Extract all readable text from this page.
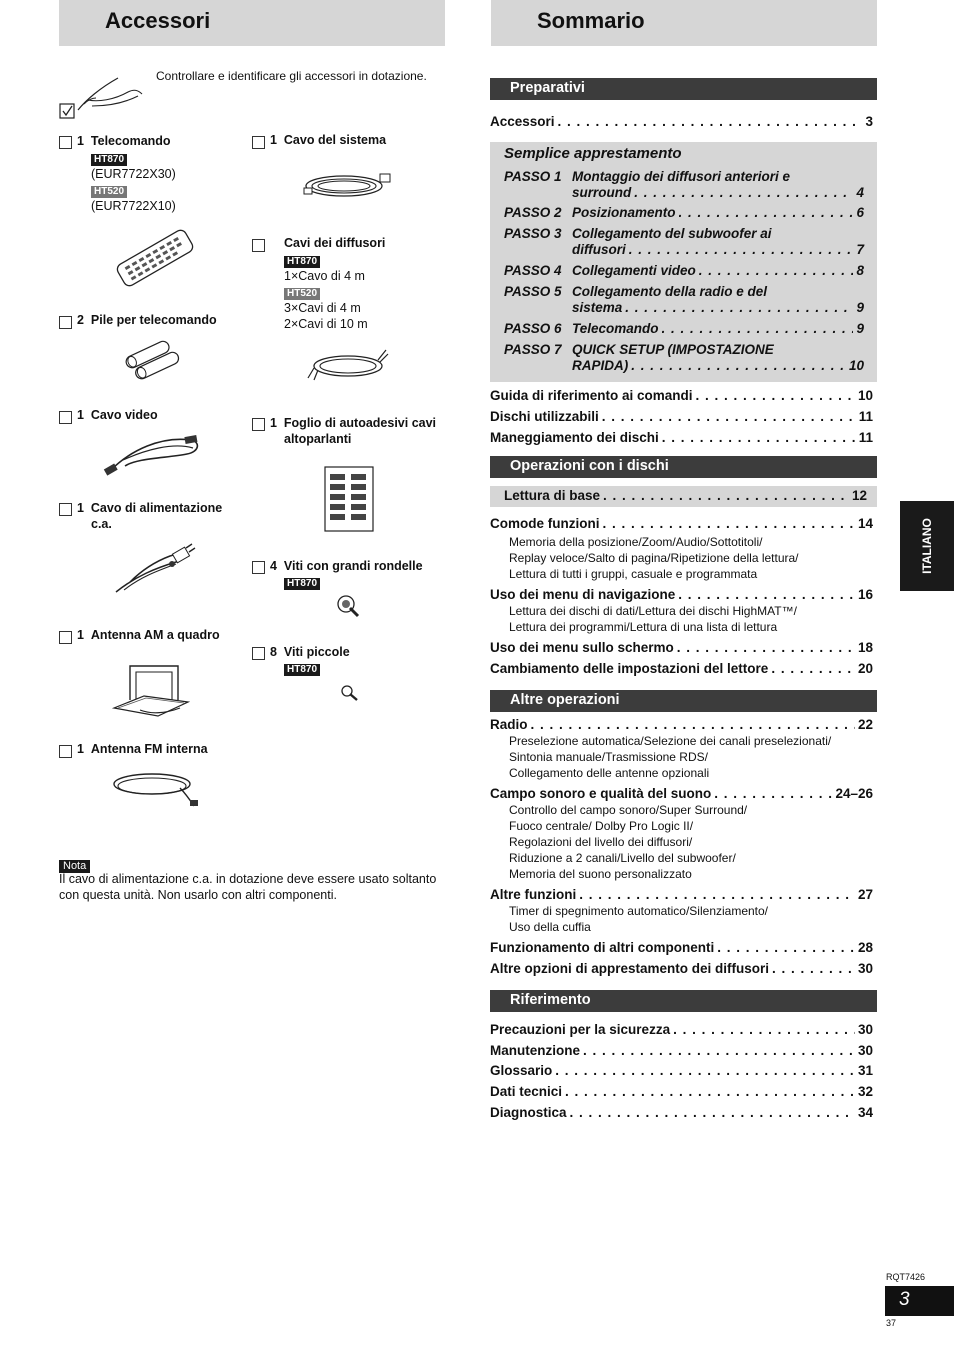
Accessori
Controllare e identificare gli accessori in dotazione.
1 Telecomando
HT870
(EUR7722X30)
HT520
(EUR7722X10)
2 Pile per telecomando
1 Cavo video
1 Cavo di alimentazione
c.a.
1 Antenna AM a quadro
1 Antenna FM interna
1 Cavo del sistema
Cavi dei diffusori
HT870
1×Cavo di 4 m
HT520
3×Cavi di 4 m
2×Cavi di 10 m
1 Foglio di autoadesivi cavi
altoparlanti
4 Viti con grandi rondelle
HT870
8 Viti piccole
HT870
Nota
Il cavo di alimentazione c.a. in dotazione deve essere usato soltanto
con questa unità. Non usarlo con altri componenti.
Sommario
Preparativi
Accessori . . .	3
Semplice apprestamento
PASSO 1 Montaggio dei diffusori anteriori e
surround . . .	4
PASSO 2 Posizionamento . . .	6
PASSO 3 Collegamento del subwoofer ai
diffusori . . .	7
PASSO 4 Collegamenti video . . .	8
PASSO 5 Collegamento della radio e del
sistema . . .	9
PASSO 6 Telecomando . . .	9
PASSO 7 QUICK SETUP (IMPOSTAZIONE
RAPIDA) . . .	10
Guida di riferimento ai comandi . . .	10
Dischi utilizzabili . . .	11
Maneggiamento dei dischi . . .	11
Operazioni con i dischi
Lettura di base . . .	12
Comode funzioni . . .	14
Memoria della posizione/Zoom/Audio/Sottotitoli/
Replay veloce/Salto di pagina/Ripetizione della lettura/
Lettura di tutti i gruppi, casuale e programmata
Uso dei menu di navigazione . . .	16
Lettura dei dischi di dati/Lettura dei dischi HighMAT™/
Lettura dei programmi/Lettura di una lista di lettura
Uso dei menu sullo schermo . . .	18
Cambiamento delle impostazioni del lettore . . .	20
Altre operazioni
Radio . . .	22
Preselezione automatica/Selezione dei canali preselezionati/
Sintonia manuale/Trasmissione RDS/
Collegamento delle antenne opzionali
Campo sonoro e qualità del suono . . .	24–26
Controllo del campo sonoro/Super Surround/
Fuoco centrale/ Dolby Pro Logic II/
Regolazioni del livello dei diffusori/
Riduzione a 2 canali/Livello del subwoofer/
Memoria del suono personalizzato
Altre funzioni . . .	27
Timer di spegnimento automatico/Silenziamento/
Uso della cuffia
Funzionamento di altri componenti . . .	28
Altre opzioni di apprestamento dei diffusori . . .	30
Riferimento
Precauzioni per la sicurezza . . .	30
Manutenzione . . .	30
Glossario . . .	31
Dati tecnici . . .	32
Diagnostica . . .	34
ITALIANO
RQT7426
3
37
